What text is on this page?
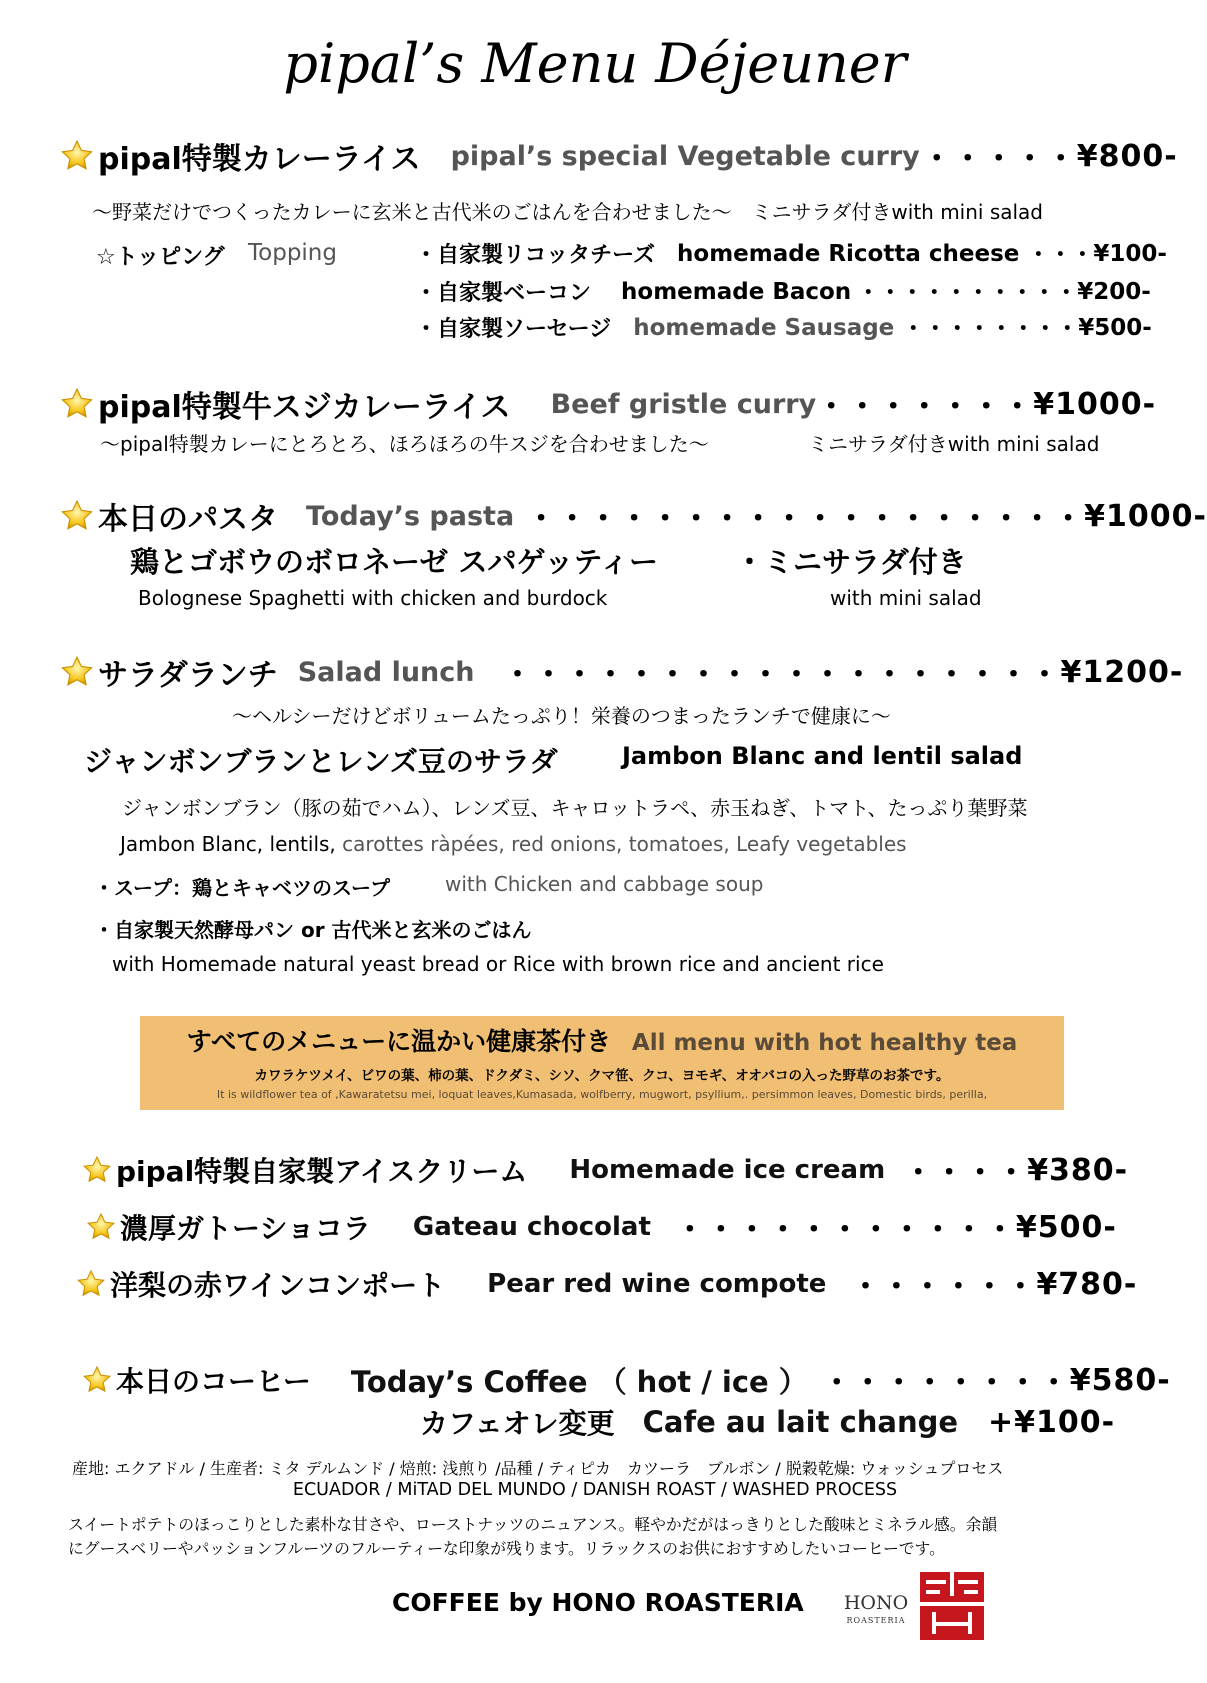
pipal’s Menu Déjeuner
pipal特製カレーライス pipal’s special Vegetable curry ・・・・・ ¥800-
〜野菜だけでつくったカレーに玄米と古代米のごはんを合わせました〜　ミニサラダ付きwith mini salad
☆トッピング Topping	・自家製リコッタチーズ homemade Ricotta cheese ・・・ ¥100-
・自家製ベーコン homemade Bacon ・・・・・・・・・・ ¥200-
・自家製ソーセージ homemade Sausage ・・・・・・・・ ¥500-
pipal特製牛スジカレーライス Beef gristle curry ・・・・・・・ ¥1000-
〜pipal特製カレーにとろとろ、ほろほろの牛スジを合わせました〜	ミニサラダ付きwith mini salad
本日のパスタ Today’s pasta ・・・・・・・・・・・・・・・・・・ ¥1000-
鶏とゴボウのボロネーゼ スパゲッティー	・ミニサラダ付き
Bolognese Spaghetti with chicken and burdock	with mini salad
サラダランチ Salad lunch ・・・・・・・・・・・・・・・・・・ ¥1200-
〜ヘルシーだけどボリュームたっぷり！栄養のつまったランチで健康に〜
ジャンボンブランとレンズ豆のサラダ	Jambon Blanc and lentil salad
ジャンボンブラン（豚の茹でハム）、レンズ豆、キャロットラペ、赤玉ねぎ、トマト、たっぷり葉野菜
Jambon Blanc, lentils, carottes ràpées, red onions, tomatoes, Leafy vegetables
・スープ：鶏とキャベツのスープ	with Chicken and cabbage soup
・自家製天然酵母パン or 古代米と玄米のごはん
with Homemade natural yeast bread or Rice with brown rice and ancient rice
すべてのメニューに温かい健康茶付き All menu with hot healthy tea
カワラケツメイ、ビワの葉、柿の葉、ドクダミ、シソ、クマ笹、クコ、ヨモギ、オオバコの入った野草のお茶です。
It is wildflower tea of ,Kawaratetsu mei, loquat leaves,Kumasada, wolfberry, mugwort, psyllium,. persimmon leaves, Domestic birds, perilla,
pipal特製自家製アイスクリーム Homemade ice cream ・・・・ ¥380-
濃厚ガトーショコラ Gateau chocolat ・・・・・・・・・・・ ¥500-
洋梨の赤ワインコンポート Pear red wine compote ・・・・・・ ¥780-
本日のコーヒー Today’s Coffee （ hot / ice ） ・・・・・・・・ ¥580-
カフェオレ変更 Cafe au lait change +¥100-
産地: エクアドル / 生産者: ミタ デルムンド / 焙煎: 浅煎り /品種 / ティピカ　カツーラ　ブルボン / 脱穀乾燥: ウォッシュプロセス
ECUADOR / MiTAD DEL MUNDO / DANISH ROAST / WASHED PROCESS
スイートポテトのほっこりとした素朴な甘さや、ローストナッツのニュアンス。軽やかだがはっきりとした酸味とミネラル感。余韻
にグースベリーやパッションフルーツのフルーティーな印象が残ります。リラックスのお供におすすめしたいコーヒーです。
COFFEE by HONO ROASTERIA HONO
ROASTERIA
